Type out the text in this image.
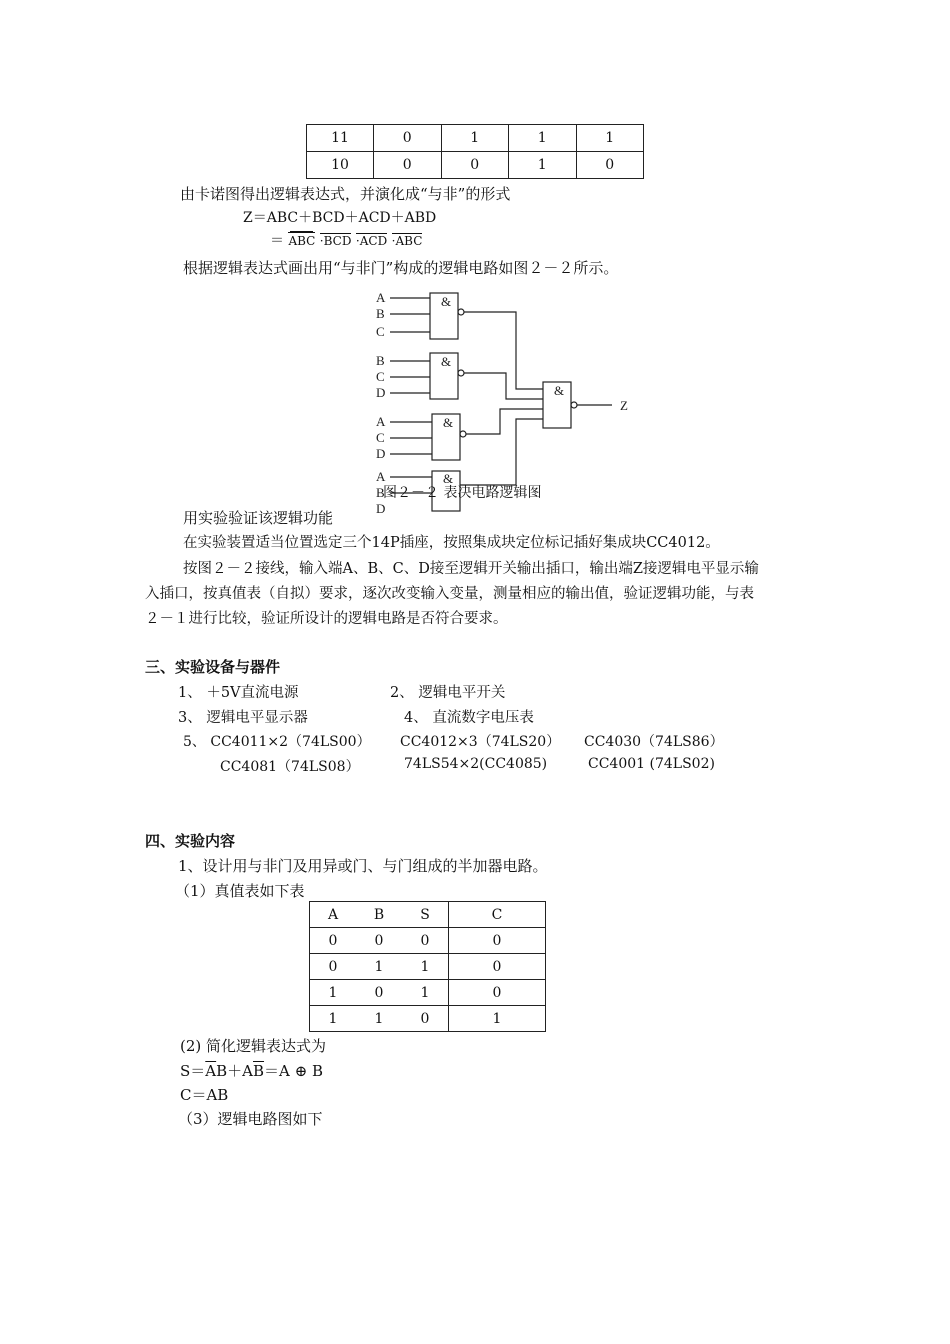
11	0	1	1	1
10	0	0	1	0
由卡诺图得出逻辑表达式，并演化成“与非”的形式
Z＝ABC＋BCD＋ACD＋ABD
＝ ABC ·BCD ·ACD ·ABC
根据逻辑表达式画出用“与非门”构成的逻辑电路如图２－２所示。
&
&
&
&
&
Z
A
B
C
B
C
D
A
C
D
A
B
D
图２－２ 表决电路逻辑图
用实验验证该逻辑功能
在实验装置适当位置选定三个14P插座，按照集成块定位标记插好集成块CC4012。
按图２－２接线，输入端A、B、C、D接至逻辑开关输出插口，输出端Z接逻辑电平显示输
入插口，按真值表（自拟）要求，逐次改变输入变量，测量相应的输出值，验证逻辑功能，与表
２－１进行比较，验证所设计的逻辑电路是否符合要求。
三、实验设备与器件
1、 ＋5V直流电源	2、 逻辑电平开关
3、 逻辑电平显示器	4、 直流数字电压表
5、 CC4011×2（74LS00） CC4012×3（74LS20） CC4030（74LS86）
CC4081（74LS08）	74LS54×2(CC4085)	CC4001 (74LS02)
四、实验内容
1、设计用与非门及用异或门、与门组成的半加器电路。
（1）真值表如下表
A	B	S	C
0	0	0	0
0	1	1	0
1	0	1	0
1	1	0	1
(2) 简化逻辑表达式为
$S=\overline{A}B+A\overline{B}=A$ ⊕ B
C＝AB
（3）逻辑电路图如下
